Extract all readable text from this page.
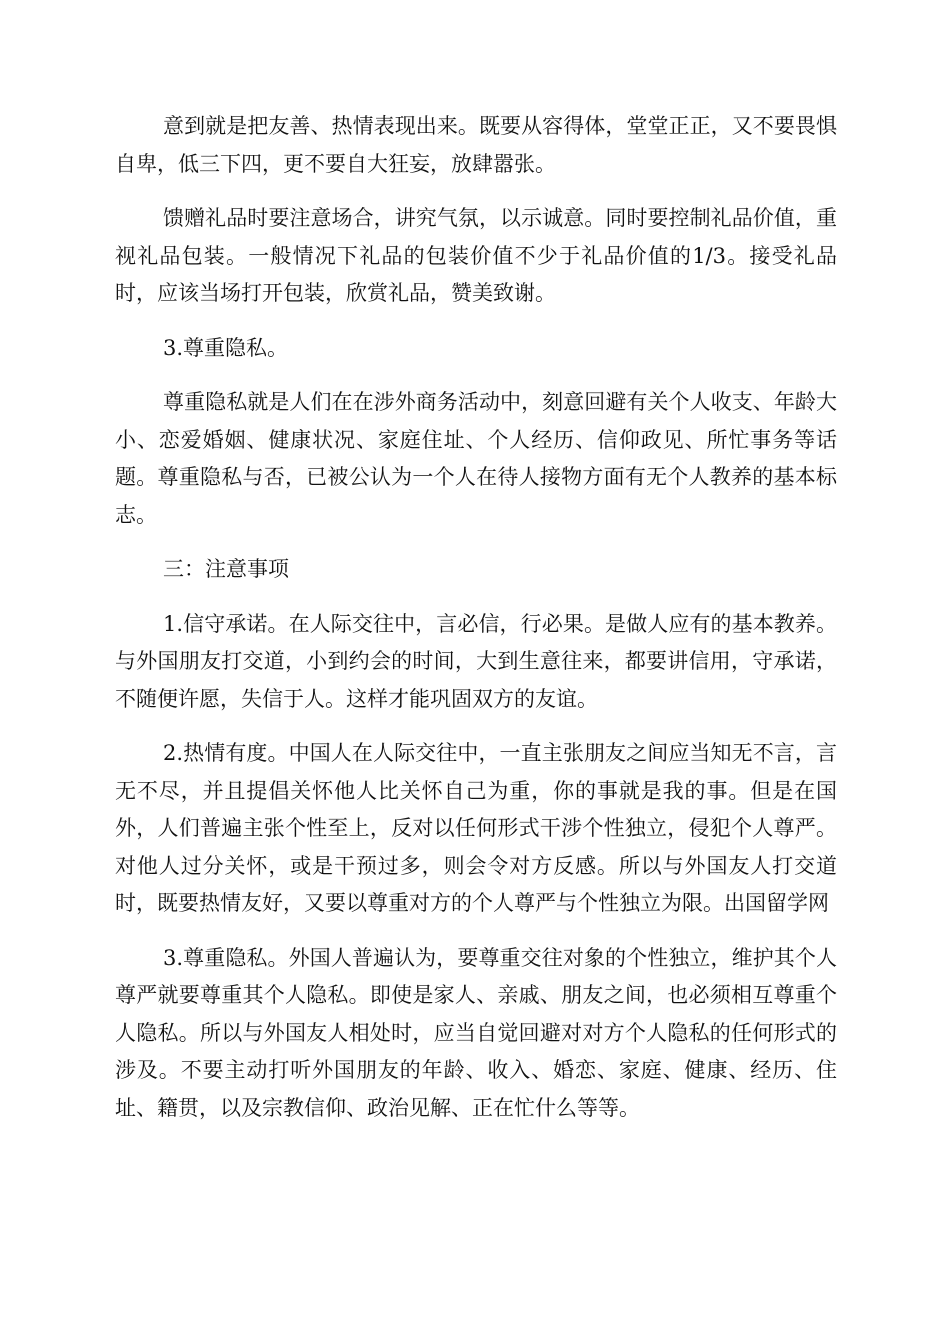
意到就是把友善、热情表现出来。既要从容得体，堂堂正正，又不要畏惧自卑，低三下四，更不要自大狂妄，放肆嚣张。

馈赠礼品时要注意场合，讲究气氛，以示诚意。同时要控制礼品价值，重视礼品包装。一般情况下礼品的包装价值不少于礼品价值的1/3。接受礼品时，应该当场打开包装，欣赏礼品，赞美致谢。

3.尊重隐私。

尊重隐私就是人们在在涉外商务活动中，刻意回避有关个人收支、年龄大小、恋爱婚姻、健康状况、家庭住址、个人经历、信仰政见、所忙事务等话题。尊重隐私与否，已被公认为一个人在待人接物方面有无个人教养的基本标志。

三：注意事项

1.信守承诺。在人际交往中，言必信，行必果。是做人应有的基本教养。与外国朋友打交道，小到约会的时间，大到生意往来，都要讲信用，守承诺，不随便许愿，失信于人。这样才能巩固双方的友谊。

2.热情有度。中国人在人际交往中，一直主张朋友之间应当知无不言，言无不尽，并且提倡关怀他人比关怀自己为重，你的事就是我的事。但是在国外，人们普遍主张个性至上，反对以任何形式干涉个性独立，侵犯个人尊严。对他人过分关怀，或是干预过多，则会令对方反感。所以与外国友人打交道时，既要热情友好，又要以尊重对方的个人尊严与个性独立为限。出国留学网

3.尊重隐私。外国人普遍认为，要尊重交往对象的个性独立，维护其个人尊严就要尊重其个人隐私。即使是家人、亲戚、朋友之间，也必须相互尊重个人隐私。所以与外国友人相处时，应当自觉回避对对方个人隐私的任何形式的涉及。不要主动打听外国朋友的年龄、收入、婚恋、家庭、健康、经历、住址、籍贯，以及宗教信仰、政治见解、正在忙什么等等。
